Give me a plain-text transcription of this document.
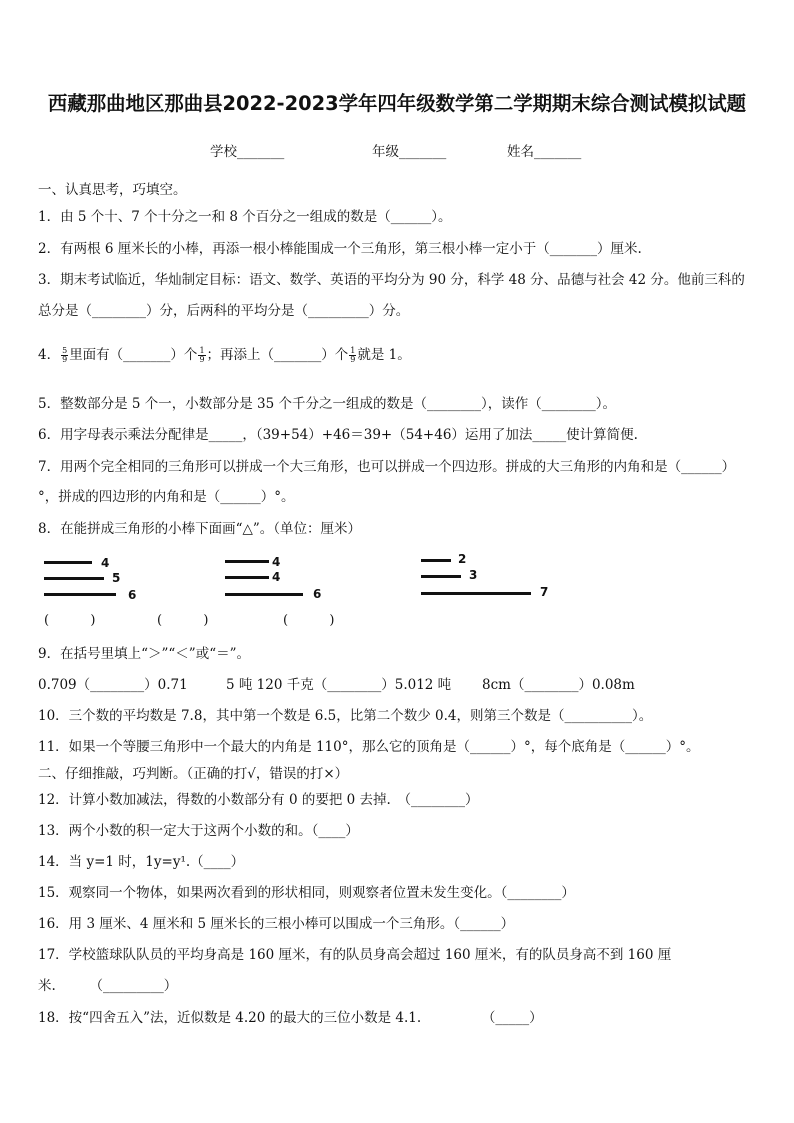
西藏那曲地区那曲县2022-2023学年四年级数学第二学期期末综合测试模拟试题
学校_______	年级_______	姓名_______
一、认真思考，巧填空。
1．由 5 个十、7 个十分之一和 8 个百分之一组成的数是（______）。
2．有两根 6 厘米长的小棒，再添一根小棒能围成一个三角形，第三根小棒一定小于（_______）厘米.
3．期末考试临近，华灿制定目标：语文、数学、英语的平均分为 90 分，科学 48 分、品德与社会 42 分。他前三科的
总分是（________）分，后两科的平均分是（_________）分。
4． $\frac{5}{9}$ 里面有（_______）个 $\frac{1}{9}$ ；再添上（_______）个 $\frac{1}{9}$ 就是 1。
5．整数部分是 5 个一，小数部分是 35 个千分之一组成的数是（________），读作（________）。
6．用字母表示乘法分配律是_____，（39+54）+46＝39+（54+46）运用了加法_____使计算简便.
7．用两个完全相同的三角形可以拼成一个大三角形，也可以拼成一个四边形。拼成的大三角形的内角和是（______）
°，拼成的四边形的内角和是（______）°。
8．在能拼成三角形的小棒下面画“△”。（单位：厘米）
4
5
6
(          )
4
4
6
(          )
2
3
7
(          )
9．在括号里填上“＞”“＜”或“＝”。
0.709（________）0.71	5 吨 120 千克（________）5.012 吨 8cm（________）0.08m
10．三个数的平均数是 7.8，其中第一个数是 6.5，比第二个数少 0.4，则第三个数是（__________）。
11．如果一个等腰三角形中一个最大的内角是 110°，那么它的顶角是（______）°，每个底角是（______）°。
二、仔细推敲，巧判断。（正确的打√，错误的打×）
12．计算小数加减法，得数的小数部分有 0 的要把 0 去掉.　（________）
13．两个小数的积一定大于这两个小数的和。（____）
14．当 y=1 时，1y=y¹.（____）
15．观察同一个物体，如果两次看到的形状相同，则观察者位置未发生变化。（________）
16．用 3 厘米、4 厘米和 5 厘米长的三根小棒可以围成一个三角形。（______）
17．学校篮球队队员的平均身高是 160 厘米，有的队员身高会超过 160 厘米，有的队员身高不到 160 厘
米.　　　（_________）
18．按“四舍五入”法，近似数是 4.20 的最大的三位小数是 4.1.　　　　　（_____）
